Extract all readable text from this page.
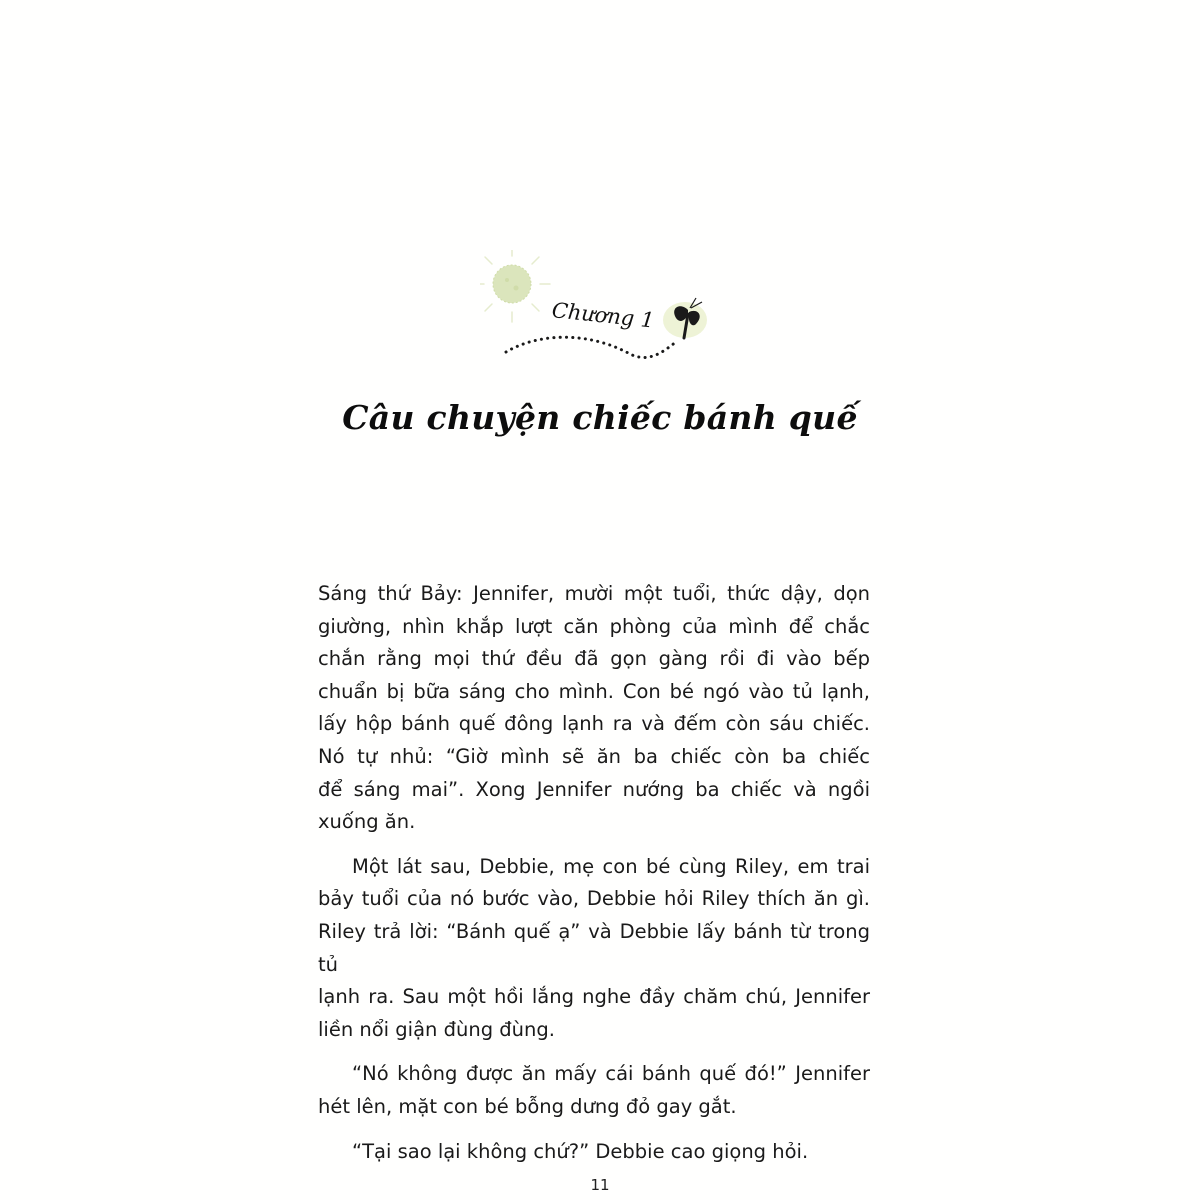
Chương 1
Câu chuyện chiếc bánh quế

Sáng thứ Bảy: Jennifer, mười một tuổi, thức dậy, dọn
giường, nhìn khắp lượt căn phòng của mình để chắc
chắn rằng mọi thứ đều đã gọn gàng rồi đi vào bếp
chuẩn bị bữa sáng cho mình. Con bé ngó vào tủ lạnh,
lấy hộp bánh quế đông lạnh ra và đếm còn sáu chiếc.
Nó tự nhủ: “Giờ mình sẽ ăn ba chiếc còn ba chiếc
để sáng mai”. Xong Jennifer nướng ba chiếc và ngồi
xuống ăn.

Một lát sau, Debbie, mẹ con bé cùng Riley, em trai
bảy tuổi của nó bước vào, Debbie hỏi Riley thích ăn gì.
Riley trả lời: “Bánh quế ạ” và Debbie lấy bánh từ trong tủ
lạnh ra. Sau một hồi lắng nghe đầy chăm chú, Jennifer
liền nổi giận đùng đùng.

“Nó không được ăn mấy cái bánh quế đó!” Jennifer
hét lên, mặt con bé bỗng dưng đỏ gay gắt.

“Tại sao lại không chứ?” Debbie cao giọng hỏi.

11
